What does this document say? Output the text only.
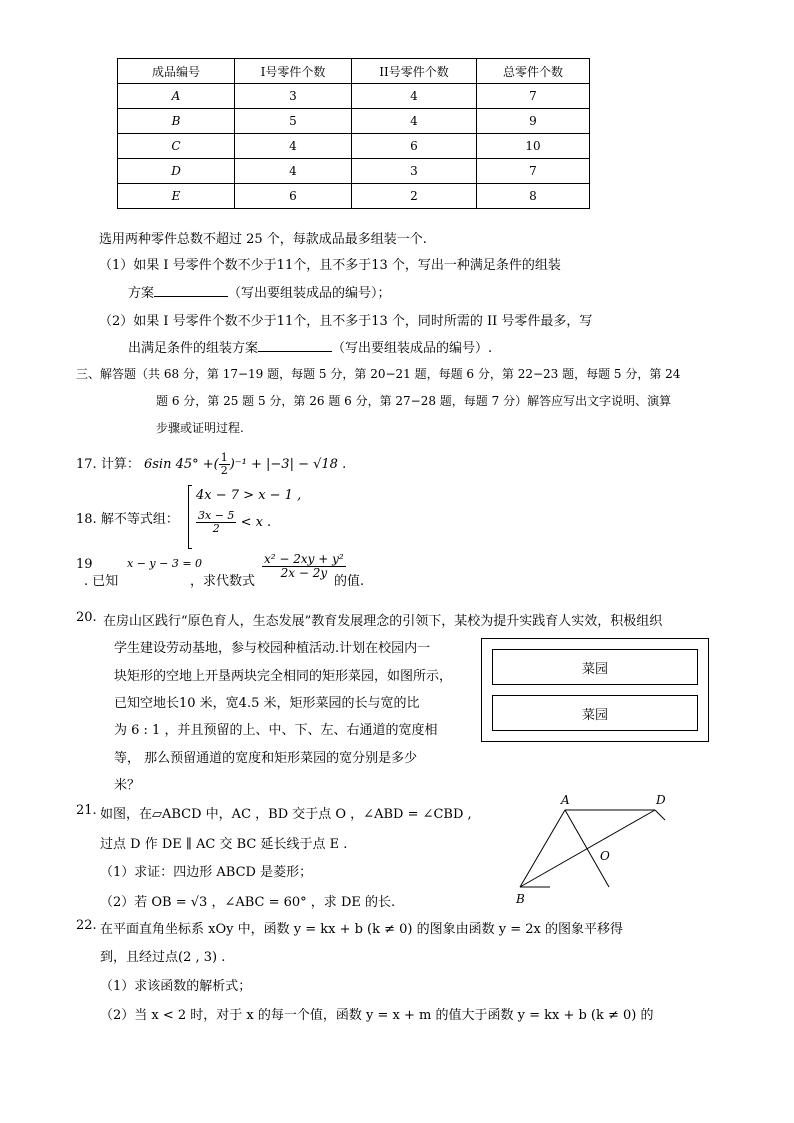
成品编号	I号零件个数	II号零件个数	总零件个数
A	3	4	7
B	5	4	9
C	4	6	10
D	4	3	7
E	6	2	8
选用两种零件总数不超过 25 个，每款成品最多组装一个.
（1）如果 I 号零件个数不少于11个，且不多于13 个，写出一种满足条件的组装
方案	（写出要组装成品的编号）；
（2）如果 I 号零件个数不少于11个，且不多于13 个，同时所需的 II 号零件最多，写
出满足条件的组装方案	（写出要组装成品的编号）.
三、解答题（共 68 分，第 17−19 题，每题 5 分，第 20−21 题，每题 6 分，第 22−23 题，每题 5 分，第 24
题 6 分，第 25 题 5 分，第 26 题 6 分，第 27−28 题，每题 7 分）解答应写出文字说明、演算
步骤或证明过程.
17. 计算： 6sin 45° +( $\frac{1}{2} )^{-1} + |-3| - √18$ .
18. 解不等式组：
4x − 7 > x − 1 ,
$\frac{3x - 5}{2} < x$ .
19
. 已知
x − y − 3 = 0
，求代数式
$\frac{\text{x² − 2xy + y²}}{2x - 2y}$
的值.
20. 在房山区践行“原色育人，生态发展”教育发展理念的引领下，某校为提升实践育人实效，积极组织
学生建设劳动基地，参与校园种植活动.计划在校园内一
块矩形的空地上开垦两块完全相同的矩形菜园，如图所示，
已知空地长10 米，宽4.5 米，矩形菜园的长与宽的比
为 6 : 1 ，并且预留的上、中、下、左、右通道的宽度相
等， 那么预留通道的宽度和矩形菜园的宽分别是多少
米？
菜园
菜园
21. 如图，在▱ABCD 中，AC ，BD 交于点 O ，∠ABD = ∠CBD ,
过点 D 作 DE ∥ AC 交 BC 延长线于点 E .
（1）求证：四边形 ABCD 是菱形；
（2）若 OB = √3 ，∠ABC = 60° ，求 DE 的长.
A	D
O
B
22. 在平面直角坐标系 xOy 中，函数 y = kx + b (k ≠ 0) 的图象由函数 y = 2x 的图象平移得
到，且经过点(2 , 3) .
（1）求该函数的解析式；
（2）当 x < 2 时，对于 x 的每一个值，函数 y = x + m 的值大于函数 y = kx + b (k ≠ 0) 的
